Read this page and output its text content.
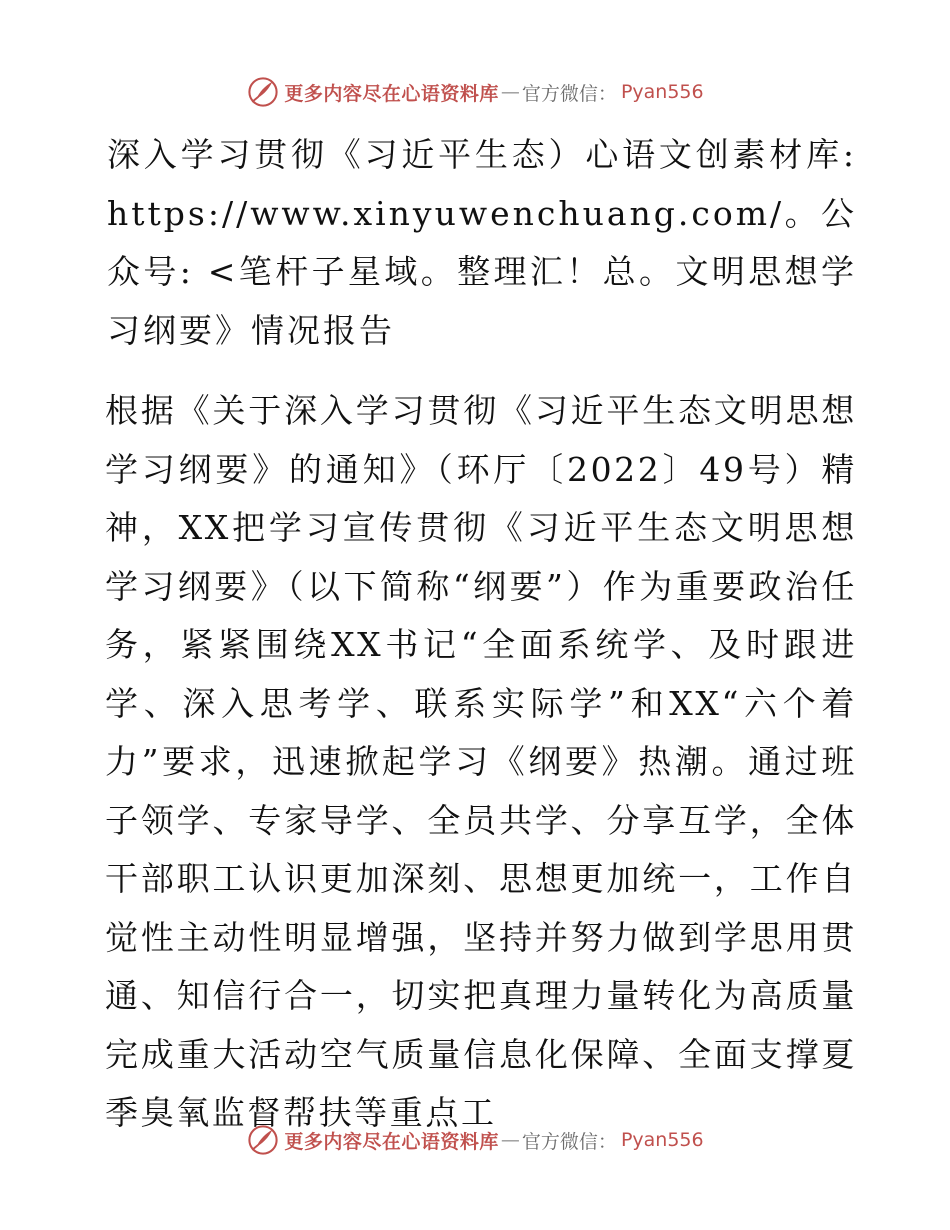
更多内容尽在心语资料库 — 官方微信： Pyan556

深入学习贯彻《习近平生态）心语文创素材库: https://www.xinyuwenchuang.com/。公众号: <笔杆子星域。整理汇！总。文明思想学习纲要》情况报告

根据《关于深入学习贯彻《习近平生态文明思想学习纲要》的通知》（环厅〔2022〕49号）精神，XX把学习宣传贯彻《习近平生态文明思想学习纲要》（以下简称“纲要”）作为重要政治任务，紧紧围绕XX书记“全面系统学、及时跟进学、深入思考学、联系实际学”和XX“六个着力”要求，迅速掀起学习《纲要》热潮。通过班子领学、专家导学、全员共学、分享互学，全体干部职工认识更加深刻、思想更加统一，工作自觉性主动性明显增强，坚持并努力做到学思用贯通、知信行合一，切实把真理力量转化为高质量完成重大活动空气质量信息化保障、全面支撑夏季臭氧监督帮扶等重点工

更多内容尽在心语资料库 — 官方微信： Pyan556
